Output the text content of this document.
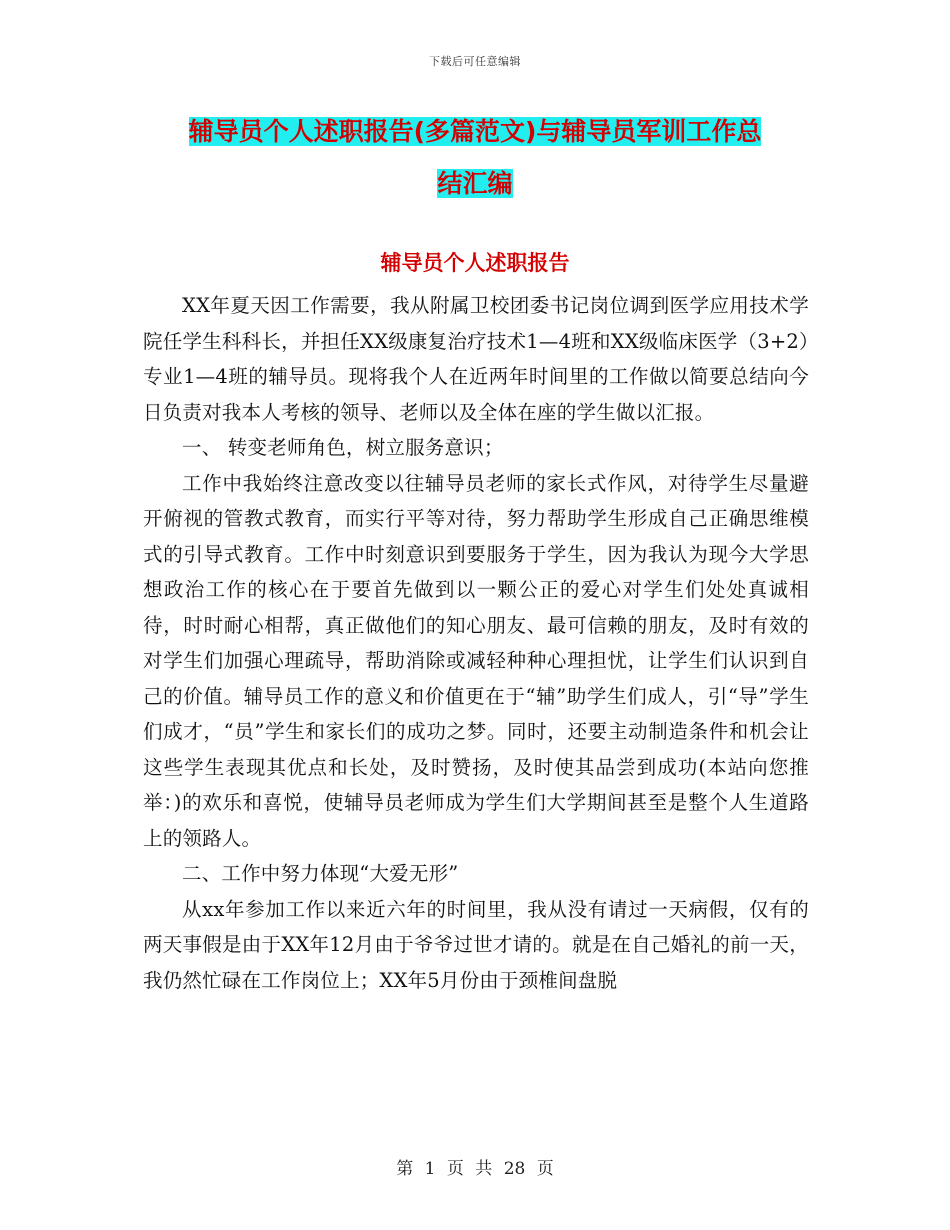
下载后可任意编辑
辅导员个人述职报告(多篇范文)与辅导员军训工作总
结汇编
辅导员个人述职报告

XX年夏天因工作需要，我从附属卫校团委书记岗位调到医学应用技术学院任学生科科长，并担任XX级康复治疗技术1—4班和XX级临床医学（3+2）专业1—4班的辅导员。现将我个人在近两年时间里的工作做以简要总结向今日负责对我本人考核的领导、老师以及全体在座的学生做以汇报。

一、 转变老师角色，树立服务意识；

工作中我始终注意改变以往辅导员老师的家长式作风，对待学生尽量避开俯视的管教式教育，而实行平等对待，努力帮助学生形成自己正确思维模式的引导式教育。工作中时刻意识到要服务于学生，因为我认为现今大学思想政治工作的核心在于要首先做到以一颗公正的爱心对学生们处处真诚相待，时时耐心相帮，真正做他们的知心朋友、最可信赖的朋友，及时有效的对学生们加强心理疏导，帮助消除或减轻种种心理担忧，让学生们认识到自己的价值。辅导员工作的意义和价值更在于“辅”助学生们成人，引“导”学生们成才，“员”学生和家长们的成功之梦。同时，还要主动制造条件和机会让这些学生表现其优点和长处，及时赞扬，及时使其品尝到成功(本站向您推举：)的欢乐和喜悦，使辅导员老师成为学生们大学期间甚至是整个人生道路上的领路人。

二、工作中努力体现“大爱无形”

从xx年参加工作以来近六年的时间里，我从没有请过一天病假，仅有的两天事假是由于XX年12月由于爷爷过世才请的。就是在自己婚礼的前一天，我仍然忙碌在工作岗位上；XX年5月份由于颈椎间盘脱

第 1 页 共 28 页
